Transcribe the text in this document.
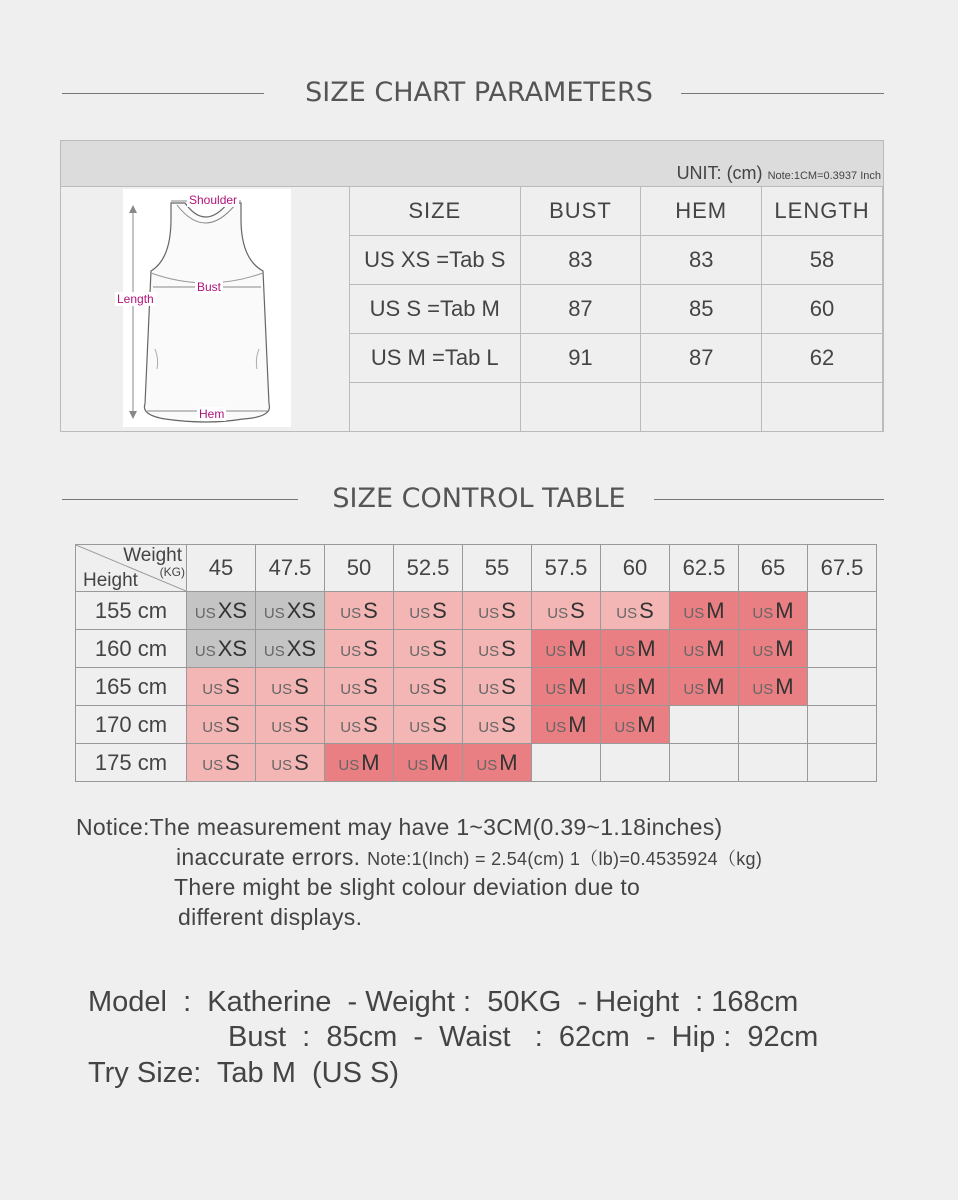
SIZE CHART PARAMETERS
UNIT: (cm) Note:1CM=0.3937 Inch
Shoulder
Bust
Length
Hem
SIZE	BUST	HEM	LENGTH
US XS =Tab S	83	83	58
US S =Tab M	87	85	60
US M =Tab L	91	87	62

SIZE CONTROL TABLE
Weight
(KG)
Height	45	47.5	50	52.5	55	57.5	60	62.5	65	67.5
155 cm	USXS	USXS	USS	USS	USS	USS	USS	USM	USM	
160 cm	USXS	USXS	USS	USS	USS	USM	USM	USM	USM	
165 cm	USS	USS	USS	USS	USS	USM	USM	USM	USM	
170 cm	USS	USS	USS	USS	USS	USM	USM			
175 cm	USS	USS	USM	USM	USM					
Notice:The measurement may have 1~3CM(0.39~1.18inches)
inaccurate errors. Note:1(Inch) = 2.54(cm) 1（lb)=0.4535924（kg)
There might be slight colour deviation due to
different displays.
Model  :  Katherine  - Weight :  50KG  - Height  : 168cm
Bust  :  85cm  -  Waist   :  62cm  -  Hip :  92cm
Try Size:  Tab M  (US S)
